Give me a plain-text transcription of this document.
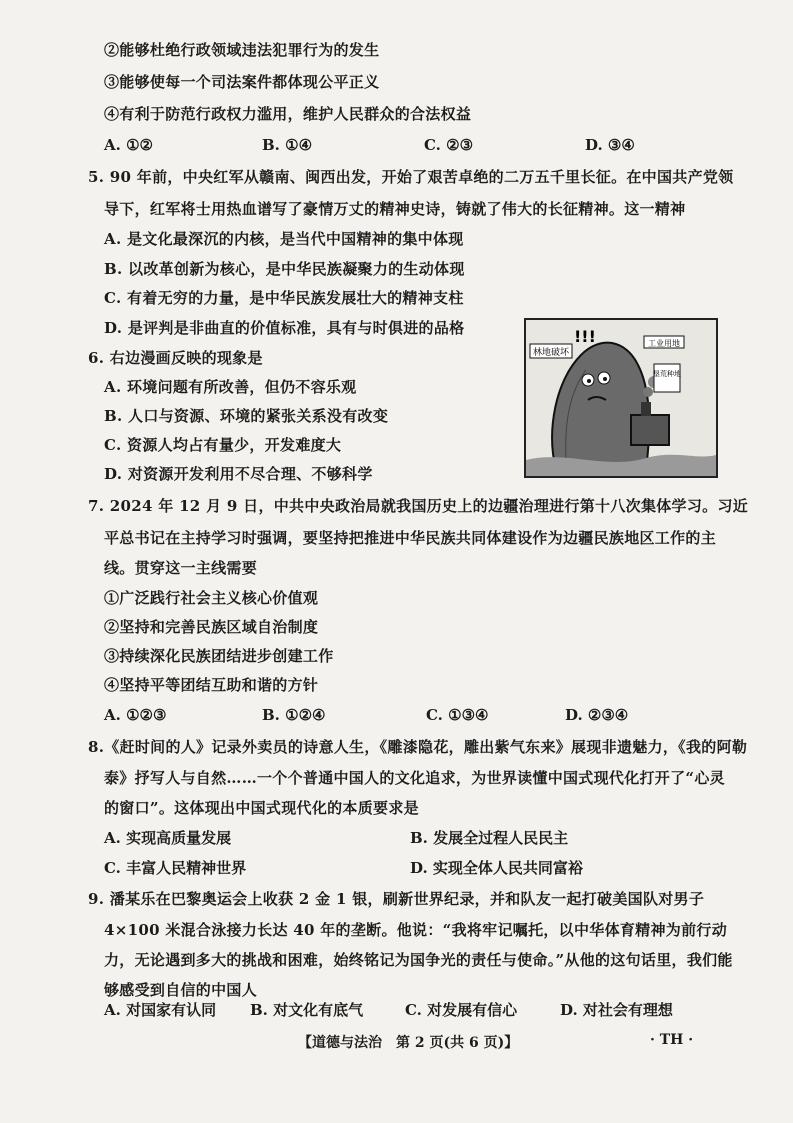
②能够杜绝行政领域违法犯罪行为的发生
③能够使每一个司法案件都体现公平正义
④有利于防范行政权力滥用，维护人民群众的合法权益
A. ①②	B. ①④	C. ②③	D. ③④
5. 90 年前，中央红军从赣南、闽西出发，开始了艰苦卓绝的二万五千里长征。在中国共产党领
导下，红军将士用热血谱写了豪情万丈的精神史诗，铸就了伟大的长征精神。这一精神
A. 是文化最深沉的内核，是当代中国精神的集中体现
B. 以改革创新为核心，是中华民族凝聚力的生动体现
C. 有着无穷的力量，是中华民族发展壮大的精神支柱
D. 是评判是非曲直的价值标准，具有与时俱进的品格
6. 右边漫画反映的现象是
A. 环境问题有所改善，但仍不容乐观
B. 人口与资源、环境的紧张关系没有改变
C. 资源人均占有量少，开发难度大
D. 对资源开发利用不尽合理、不够科学
林地破坏
!!!	工业用地
垦荒种地
7. 2024 年 12 月 9 日，中共中央政治局就我国历史上的边疆治理进行第十八次集体学习。习近
平总书记在主持学习时强调，要坚持把推进中华民族共同体建设作为边疆民族地区工作的主
线。贯穿这一主线需要
①广泛践行社会主义核心价值观
②坚持和完善民族区域自治制度
③持续深化民族团结进步创建工作
④坚持平等团结互助和谐的方针
A. ①②③	B. ①②④	C. ①③④	D. ②③④
8.《赶时间的人》记录外卖员的诗意人生，《雕漆隐花，雕出紫气东来》展现非遗魅力，《我的阿勒
泰》抒写人与自然……一个个普通中国人的文化追求，为世界读懂中国式现代化打开了“心灵
的窗口”。这体现出中国式现代化的本质要求是
A. 实现高质量发展	B. 发展全过程人民民主
C. 丰富人民精神世界	D. 实现全体人民共同富裕
9. 潘某乐在巴黎奥运会上收获 2 金 1 银，刷新世界纪录，并和队友一起打破美国队对男子
4×100 米混合泳接力长达 40 年的垄断。他说：“我将牢记嘱托，以中华体育精神为前行动
力，无论遇到多大的挑战和困难，始终铭记为国争光的责任与使命。”从他的这句话里，我们能
够感受到自信的中国人
A. 对国家有认同 B. 对文化有底气	C. 对发展有信心	D. 对社会有理想
【道德与法治　第 2 页(共 6 页)】	· TH ·
